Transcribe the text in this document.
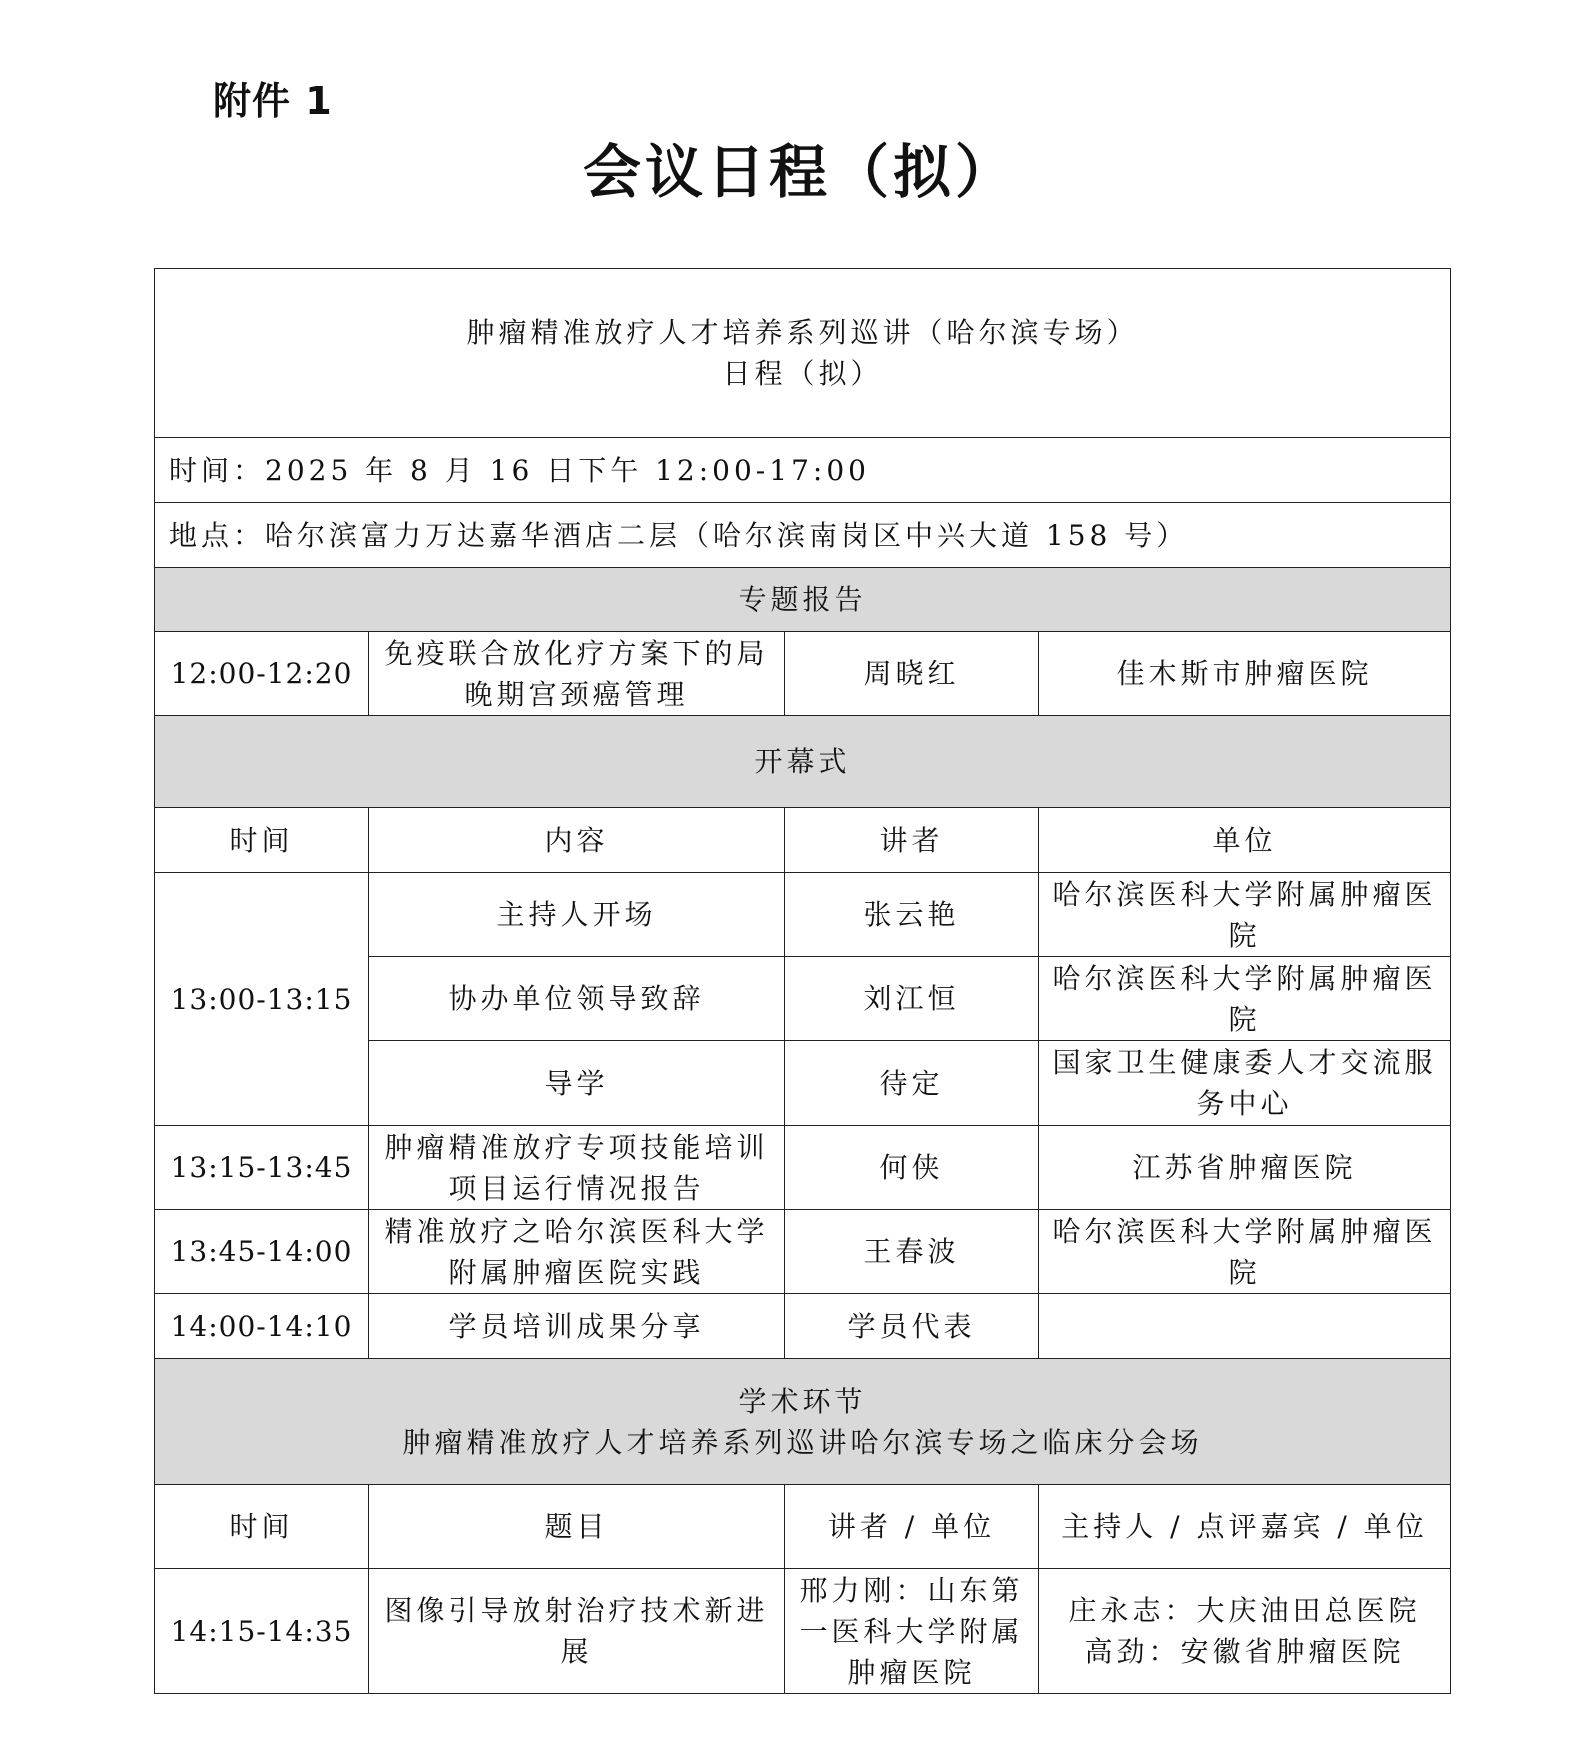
附件 1
会议日程（拟）
肿瘤精准放疗人才培养系列巡讲（哈尔滨专场）
日程（拟）			

时间：2025 年 8 月 16 日下午 12:00-17:00			
地点：哈尔滨富力万达嘉华酒店二层（哈尔滨南岗区中兴大道 158 号）			
专题报告			
12:00-12:20	免疫联合放化疗方案下的局晚期宫颈癌管理	周晓红	佳木斯市肿瘤医院
开幕式			
时间	内容	讲者	单位
13:00-13:15	主持人开场	张云艳	哈尔滨医科大学附属肿瘤医院
	协办单位领导致辞	刘江恒	哈尔滨医科大学附属肿瘤医院
	导学	待定	国家卫生健康委人才交流服务中心
13:15-13:45	肿瘤精准放疗专项技能培训项目运行情况报告	何侠	江苏省肿瘤医院
13:45-14:00	精准放疗之哈尔滨医科大学附属肿瘤医院实践	王春波	哈尔滨医科大学附属肿瘤医院
14:00-14:10	学员培训成果分享	学员代表	

学术环节
肿瘤精准放疗人才培养系列巡讲哈尔滨专场之临床分会场			

时间	题目	讲者 / 单位	主持人 / 点评嘉宾 / 单位
14:15-14:35	图像引导放射治疗技术新进展	邢力刚：山东第一医科大学附属肿瘤医院	庄永志：大庆油田总医院
高劲：安徽省肿瘤医院
